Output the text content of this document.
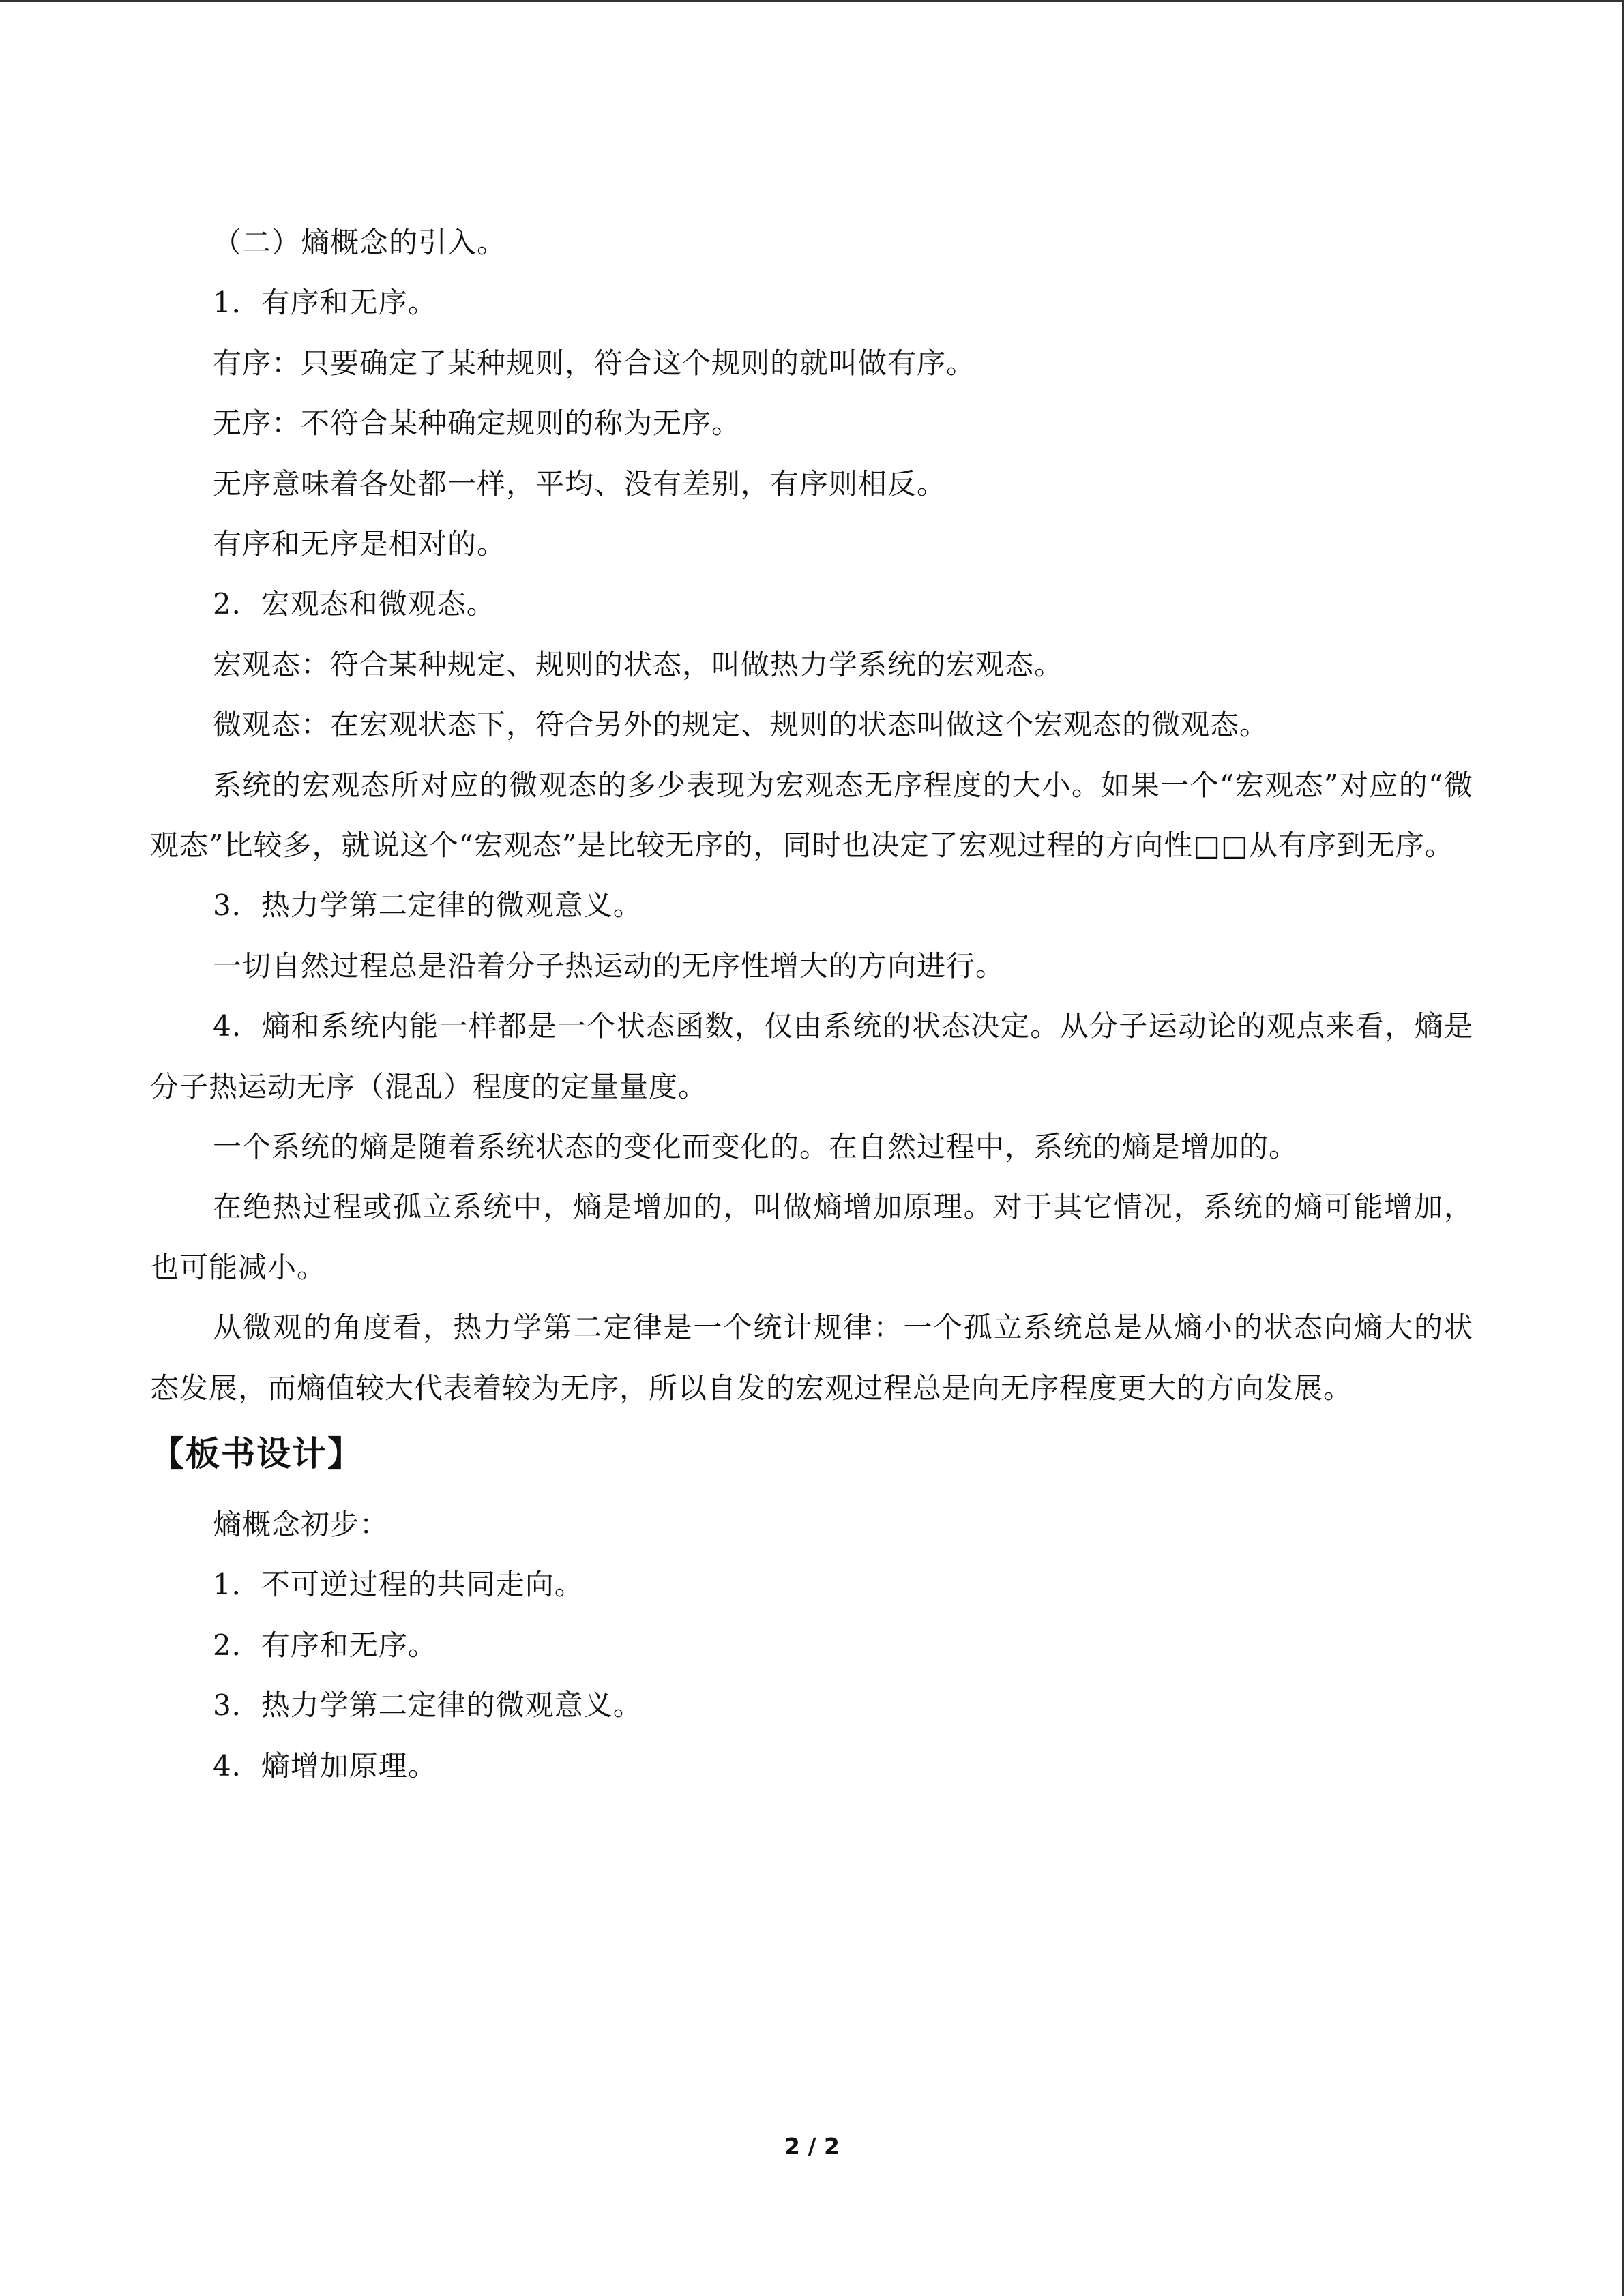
（二）熵概念的引入。
1．有序和无序。
有序：只要确定了某种规则，符合这个规则的就叫做有序。
无序：不符合某种确定规则的称为无序。
无序意味着各处都一样，平均、没有差别，有序则相反。
有序和无序是相对的。
2．宏观态和微观态。
宏观态：符合某种规定、规则的状态，叫做热力学系统的宏观态。
微观态：在宏观状态下，符合另外的规定、规则的状态叫做这个宏观态的微观态。
系统的宏观态所对应的微观态的多少表现为宏观态无序程度的大小。如果一个“宏观态”对应的“微观态”比较多，就说这个“宏观态”是比较无序的，同时也决定了宏观过程的方向性□□从有序到无序。
3．热力学第二定律的微观意义。
一切自然过程总是沿着分子热运动的无序性增大的方向进行。
4．熵和系统内能一样都是一个状态函数，仅由系统的状态决定。从分子运动论的观点来看，熵是分子热运动无序（混乱）程度的定量量度。
一个系统的熵是随着系统状态的变化而变化的。在自然过程中，系统的熵是增加的。
在绝热过程或孤立系统中，熵是增加的，叫做熵增加原理。对于其它情况，系统的熵可能增加，也可能减小。
从微观的角度看，热力学第二定律是一个统计规律：一个孤立系统总是从熵小的状态向熵大的状态发展，而熵值较大代表着较为无序，所以自发的宏观过程总是向无序程度更大的方向发展。
【板书设计】
熵概念初步：
1．不可逆过程的共同走向。
2．有序和无序。
3．热力学第二定律的微观意义。
4．熵增加原理。
2 / 2
